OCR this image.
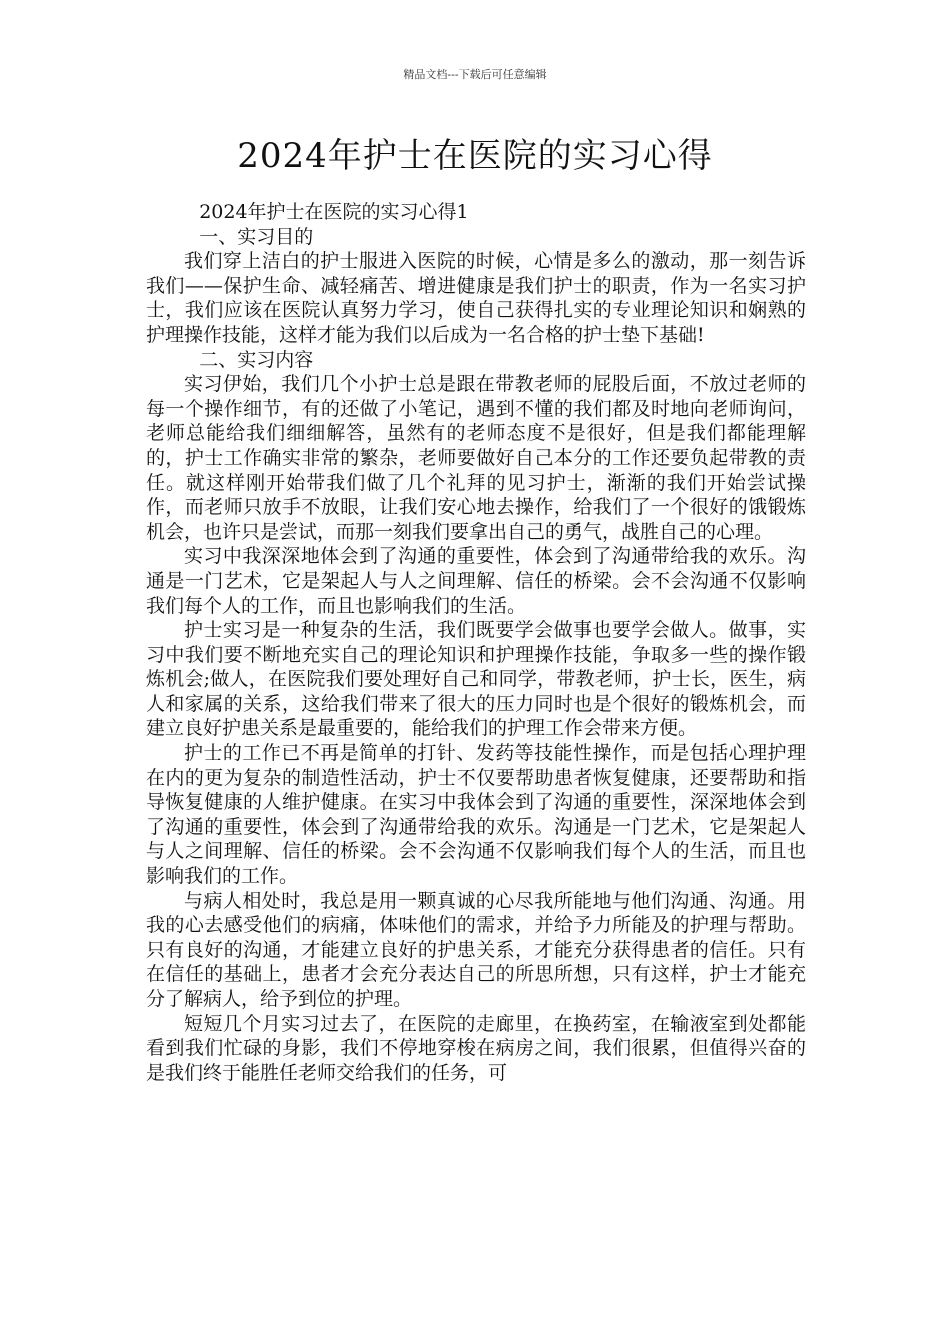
精品文档---下载后可任意编辑
2024年护士在医院的实习心得

2024年护士在医院的实习心得1

一、实习目的

我们穿上洁白的护士服进入医院的时候，心情是多么的激动，那一刻告诉我们——保护生命、减轻痛苦、增进健康是我们护士的职责，作为一名实习护士，我们应该在医院认真努力学习，使自己获得扎实的专业理论知识和娴熟的护理操作技能，这样才能为我们以后成为一名合格的护士垫下基础!

二、实习内容

实习伊始，我们几个小护士总是跟在带教老师的屁股后面，不放过老师的每一个操作细节，有的还做了小笔记，遇到不懂的我们都及时地向老师询问，老师总能给我们细细解答，虽然有的老师态度不是很好，但是我们都能理解的，护士工作确实非常的繁杂，老师要做好自己本分的工作还要负起带教的责任。就这样刚开始带我们做了几个礼拜的见习护士，渐渐的我们开始尝试操作，而老师只放手不放眼，让我们安心地去操作，给我们了一个很好的饿锻炼机会，也许只是尝试，而那一刻我们要拿出自己的勇气，战胜自己的心理。

实习中我深深地体会到了沟通的重要性，体会到了沟通带给我的欢乐。沟通是一门艺术，它是架起人与人之间理解、信任的桥梁。会不会沟通不仅影响我们每个人的工作，而且也影响我们的生活。

护士实习是一种复杂的生活，我们既要学会做事也要学会做人。做事，实习中我们要不断地充实自己的理论知识和护理操作技能，争取多一些的操作锻炼机会;做人，在医院我们要处理好自己和同学，带教老师，护士长，医生，病人和家属的关系，这给我们带来了很大的压力同时也是个很好的锻炼机会，而建立良好护患关系是最重要的，能给我们的护理工作会带来方便。

护士的工作已不再是简单的打针、发药等技能性操作，而是包括心理护理在内的更为复杂的制造性活动，护士不仅要帮助患者恢复健康，还要帮助和指导恢复健康的人维护健康。在实习中我体会到了沟通的重要性，深深地体会到了沟通的重要性，体会到了沟通带给我的欢乐。沟通是一门艺术，它是架起人与人之间理解、信任的桥梁。会不会沟通不仅影响我们每个人的生活，而且也影响我们的工作。

与病人相处时，我总是用一颗真诚的心尽我所能地与他们沟通、沟通。用我的心去感受他们的病痛，体味他们的需求，并给予力所能及的护理与帮助。只有良好的沟通，才能建立良好的护患关系，才能充分获得患者的信任。只有在信任的基础上，患者才会充分表达自己的所思所想，只有这样，护士才能充分了解病人，给予到位的护理。

短短几个月实习过去了，在医院的走廊里，在换药室，在输液室到处都能看到我们忙碌的身影，我们不停地穿梭在病房之间，我们很累，但值得兴奋的是我们终于能胜任老师交给我们的任务，可
